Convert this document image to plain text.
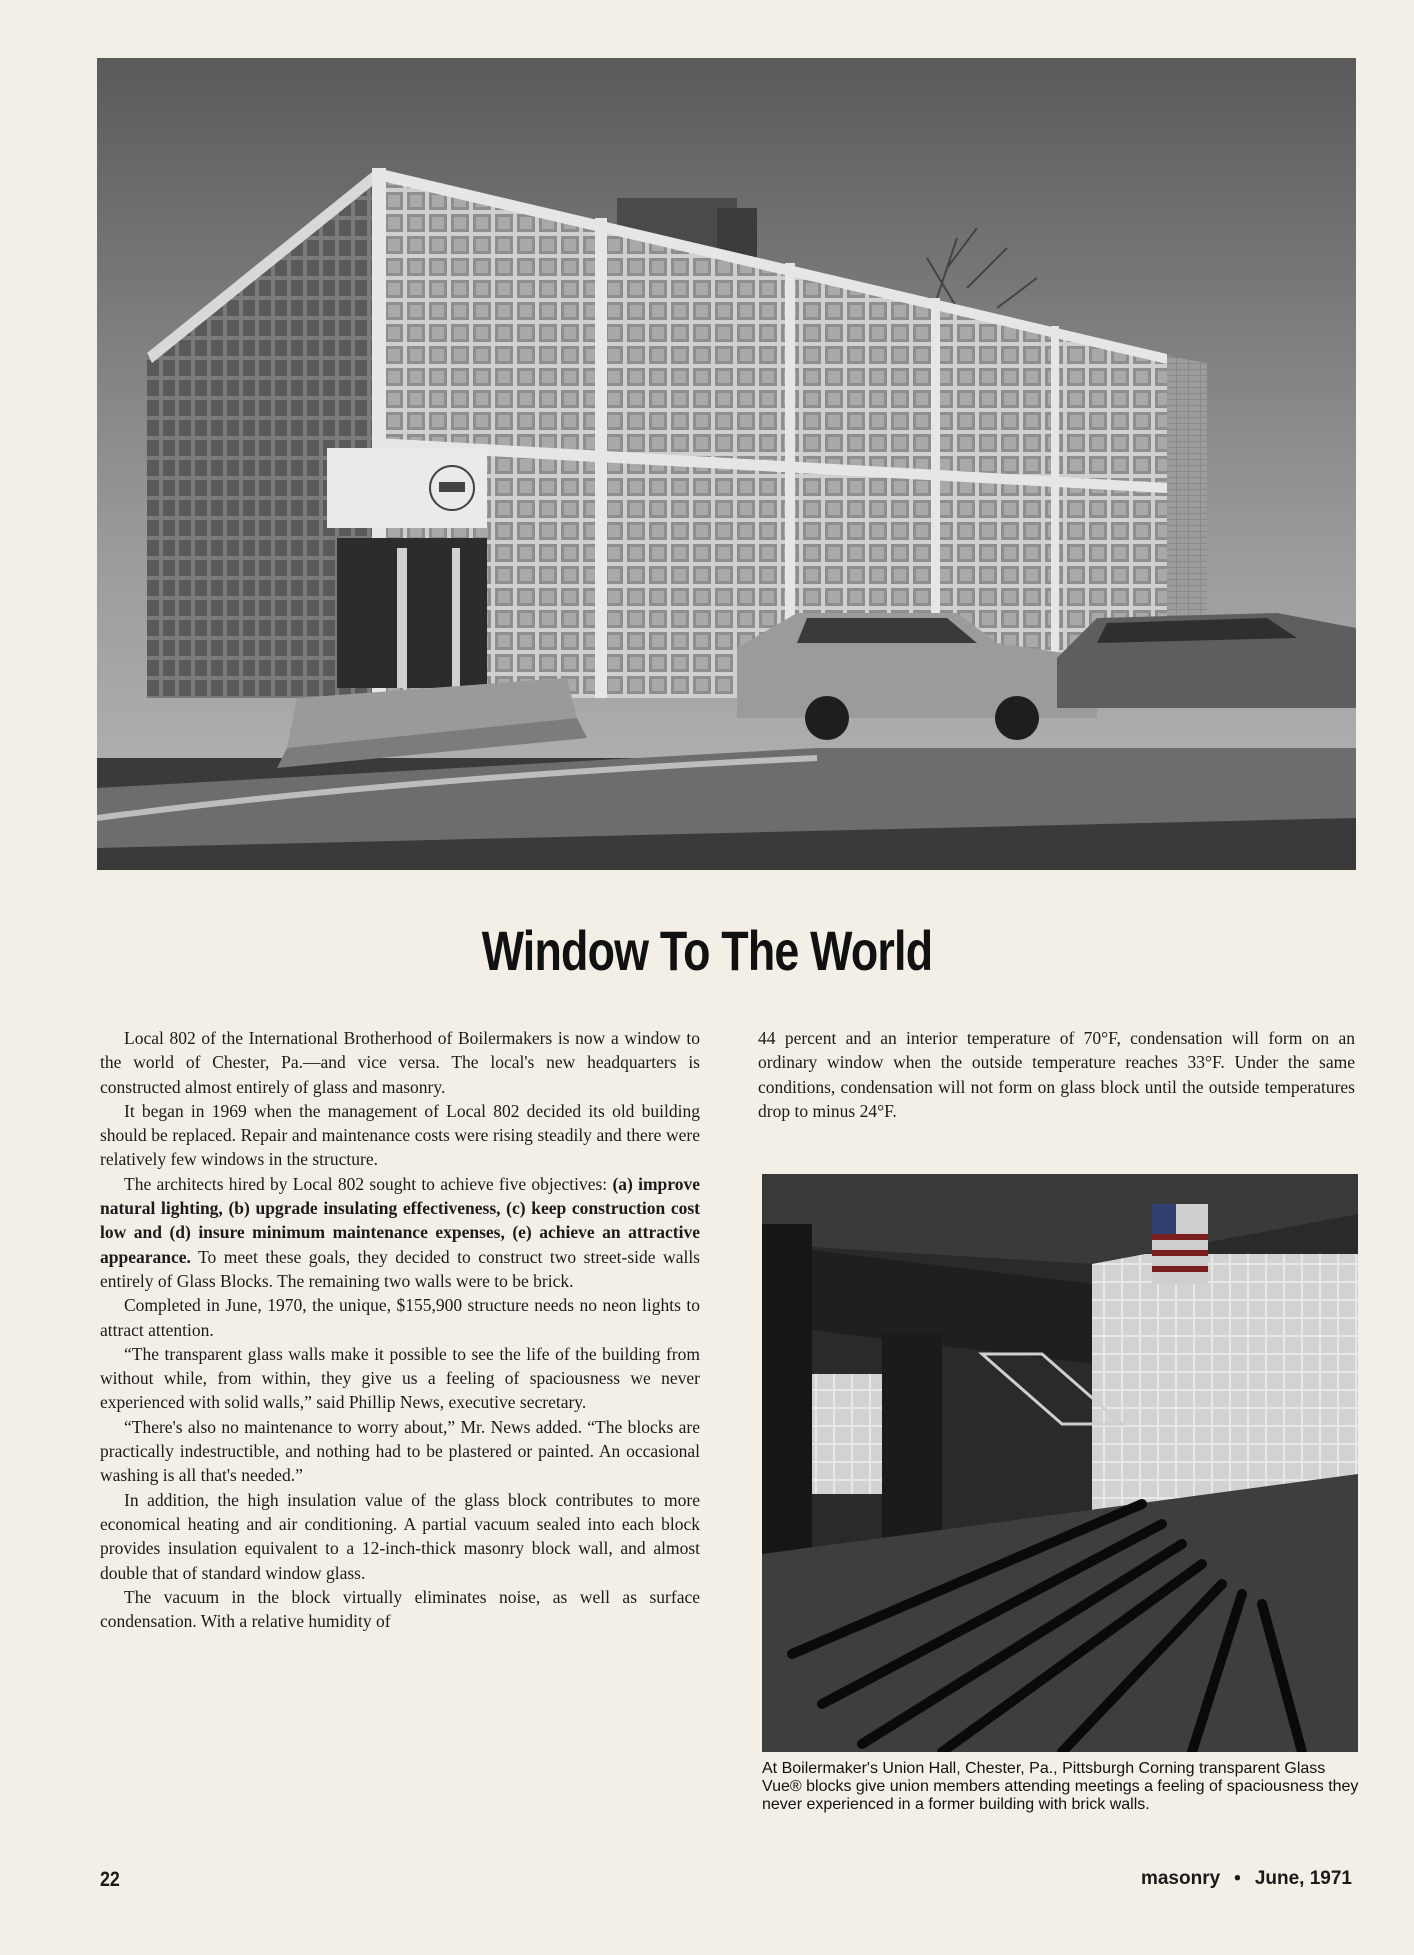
Window To The World

Local 802 of the International Brotherhood of Boilermakers is now a window to the world of Chester, Pa.—and vice versa. The local's new headquarters is constructed almost entirely of glass and masonry.

It began in 1969 when the management of Local 802 decided its old building should be replaced. Repair and maintenance costs were rising steadily and there were relatively few windows in the structure.

The architects hired by Local 802 sought to achieve five objectives: (a) improve natural lighting, (b) upgrade insulating effectiveness, (c) keep construction cost low and (d) insure minimum maintenance expenses, (e) achieve an attractive appearance. To meet these goals, they decided to construct two street-side walls entirely of Glass Blocks. The remaining two walls were to be brick.

Completed in June, 1970, the unique, $155,900 structure needs no neon lights to attract attention.

“The transparent glass walls make it possible to see the life of the building from without while, from within, they give us a feeling of spaciousness we never experienced with solid walls,” said Phillip News, executive secretary.

“There's also no maintenance to worry about,” Mr. News added. “The blocks are practically indestructible, and nothing had to be plastered or painted. An occasional washing is all that's needed.”

In addition, the high insulation value of the glass block contributes to more economical heating and air conditioning. A partial vacuum sealed into each block provides insulation equivalent to a 12-inch-thick masonry block wall, and almost double that of standard window glass.

The vacuum in the block virtually eliminates noise, as well as surface condensation. With a relative humidity of

44 percent and an interior temperature of 70°F, condensation will form on an ordinary window when the outside temperature reaches 33°F. Under the same conditions, condensation will not form on glass block until the outside temperatures drop to minus 24°F.

At Boilermaker's Union Hall, Chester, Pa., Pittsburgh Corning transparent Glass Vue® blocks give union members attending meetings a feeling of spaciousness they never experienced in a former building with brick walls.
22	masonry • June, 1971
